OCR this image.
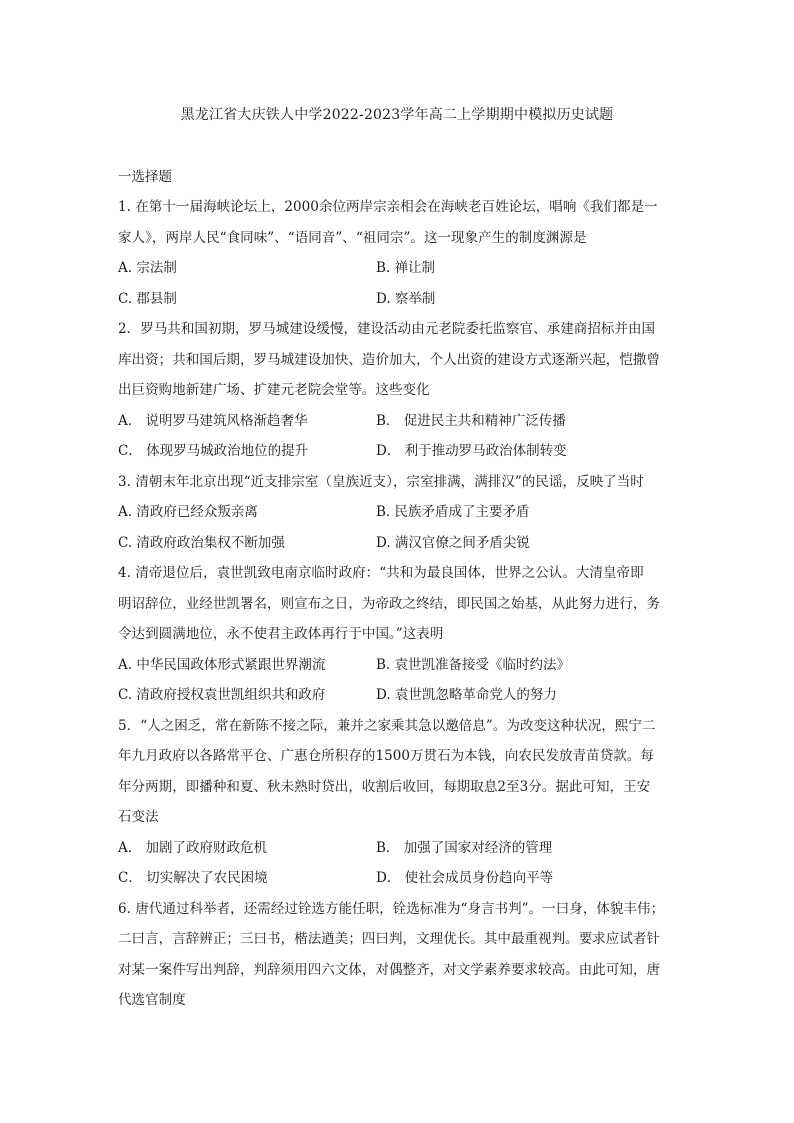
黑龙江省大庆铁人中学2022-2023学年高二上学期期中模拟历史试题
一选择题
1. 在第十一届海峡论坛上，2000余位两岸宗亲相会在海峡老百姓论坛，唱响《我们都是一
家人》，两岸人民“食同味”、“语同音”、“祖同宗”。这一现象产生的制度渊源是
A. 宗法制	B. 禅让制
C. 郡县制	D. 察举制
2．罗马共和国初期，罗马城建设缓慢，建设活动由元老院委托监察官、承建商招标并由国
库出资；共和国后期，罗马城建设加快、造价加大，个人出资的建设方式逐渐兴起，恺撒曾
出巨资购地新建广场、扩建元老院会堂等。这些变化
A． 说明罗马建筑风格渐趋奢华	B． 促进民主共和精神广泛传播
C． 体现罗马城政治地位的提升	D． 利于推动罗马政治体制转变
3. 清朝末年北京出现“近支排宗室（皇族近支），宗室排满，满排汉”的民谣，反映了当时
A. 清政府已经众叛亲离	B. 民族矛盾成了主要矛盾
C. 清政府政治集权不断加强	D. 满汉官僚之间矛盾尖锐
4. 清帝退位后，袁世凯致电南京临时政府：“共和为最良国体，世界之公认。大清皇帝即
明诏辞位，业经世凯署名，则宣布之日，为帝政之终结，即民国之始基，从此努力进行，务
令达到圆满地位，永不使君主政体再行于中国。”这表明
A. 中华民国政体形式紧跟世界潮流	B. 袁世凯准备接受《临时约法》
C. 清政府授权袁世凯组织共和政府	D. 袁世凯忽略革命党人的努力
5．“人之困乏，常在新陈不接之际，兼并之家乘其急以邀倍息”。为改变这种状况，熙宁二
年九月政府以各路常平仓、广惠仓所积存的1500万贯石为本钱，向农民发放青苗贷款。每
年分两期，即播种和夏、秋未熟时贷出，收割后收回，每期取息2至3分。据此可知，王安
石变法
A． 加剧了政府财政危机	B． 加强了国家对经济的管理
C． 切实解决了农民困境	D． 使社会成员身份趋向平等
6. 唐代通过科举者，还需经过铨选方能任职，铨选标准为“身言书判”。一曰身，体貌丰伟；
二曰言，言辞辨正；三曰书，楷法遒美；四曰判，文理优长。其中最重视判。要求应试者针
对某一案件写出判辞，判辞须用四六文体，对偶整齐，对文学素养要求较高。由此可知，唐
代选官制度
